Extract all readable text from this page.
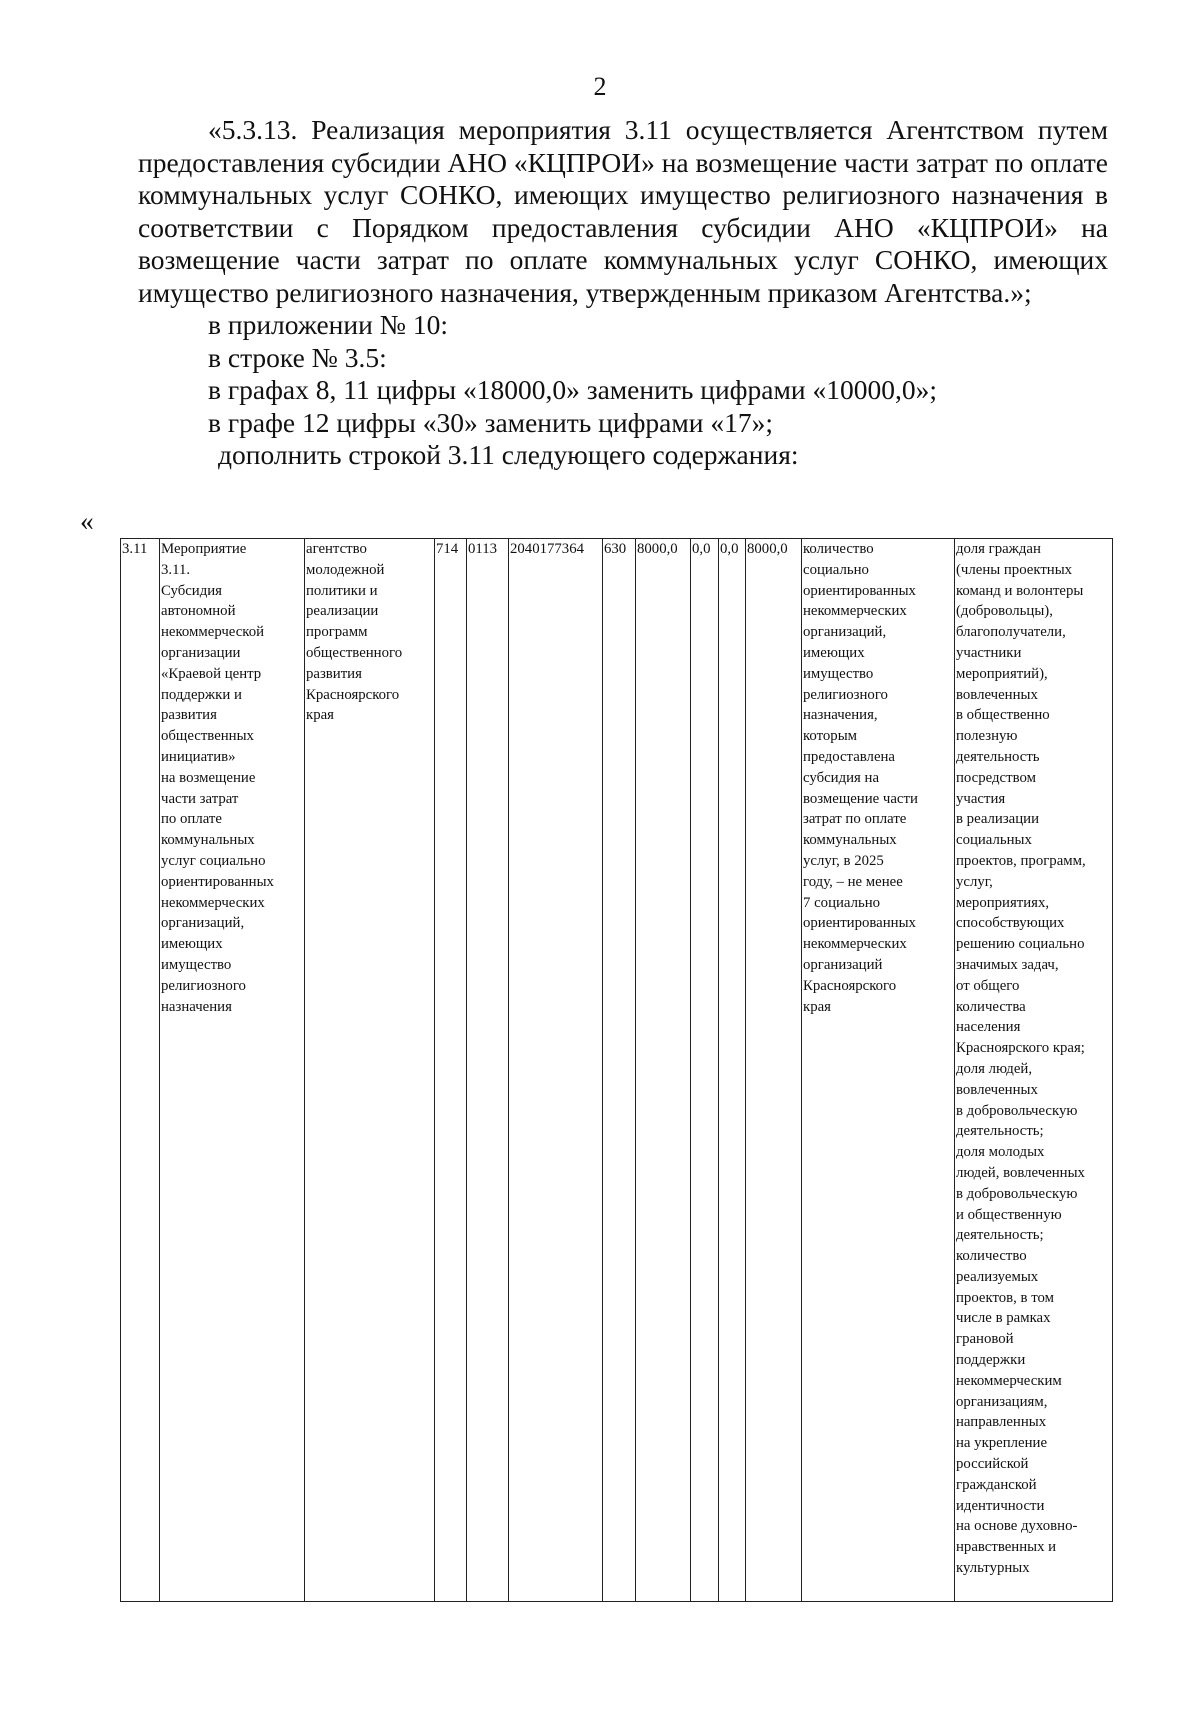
2

«5.3.13. Реализация мероприятия 3.11 осуществляется Агентством путем предоставления субсидии АНО «КЦПРОИ» на возмещение части затрат по оплате коммунальных услуг СОНКО, имеющих имущество религиозного назначения в соответствии с Порядком предоставления субсидии АНО «КЦПРОИ» на возмещение части затрат по оплате коммунальных услуг СОНКО, имеющих имущество религиозного назначения, утвержденным приказом Агентства.»;

в приложении № 10:

в строке № 3.5:

в графах 8, 11 цифры «18000,0» заменить цифрами «10000,0»;

в графе 12 цифры «30» заменить цифрами «17»;

дополнить строкой 3.11 следующего содержания:

«
3.11	Мероприятие
3.11.
Субсидия
автономной
некоммерческой
организации
«Краевой центр
поддержки и
развития
общественных
инициатив»
на возмещение
части затрат
по оплате
коммунальных
услуг социально
ориентированных
некоммерческих
организаций,
имеющих
имущество
религиозного
назначения	агентство
молодежной
политики и
реализации
программ
общественного
развития
Красноярского
края	714	0113	2040177364	630	8000,0	0,0	0,0	8000,0	количество
социально
ориентированных
некоммерческих
организаций,
имеющих
имущество
религиозного
назначения,
которым
предоставлена
субсидия на
возмещение части
затрат по оплате
коммунальных
услуг, в 2025
году, – не менее
7 социально
ориентированных
некоммерческих
организаций
Красноярского
края	доля граждан
(члены проектных
команд и волонтеры
(добровольцы),
благополучатели,
участники
мероприятий),
вовлеченных
в общественно
полезную
деятельность
посредством
участия
в реализации
социальных
проектов, программ,
услуг,
мероприятиях,
способствующих
решению социально
значимых задач,
от общего
количества
населения
Красноярского края;
доля людей,
вовлеченных
в добровольческую
деятельность;
доля молодых
людей, вовлеченных
в добровольческую
и общественную
деятельность;
количество
реализуемых
проектов, в том
числе в рамках
грановой
поддержки
некоммерческим
организациям,
направленных
на укрепление
российской
гражданской
идентичности
на основе духовно-
нравственных и
культурных
